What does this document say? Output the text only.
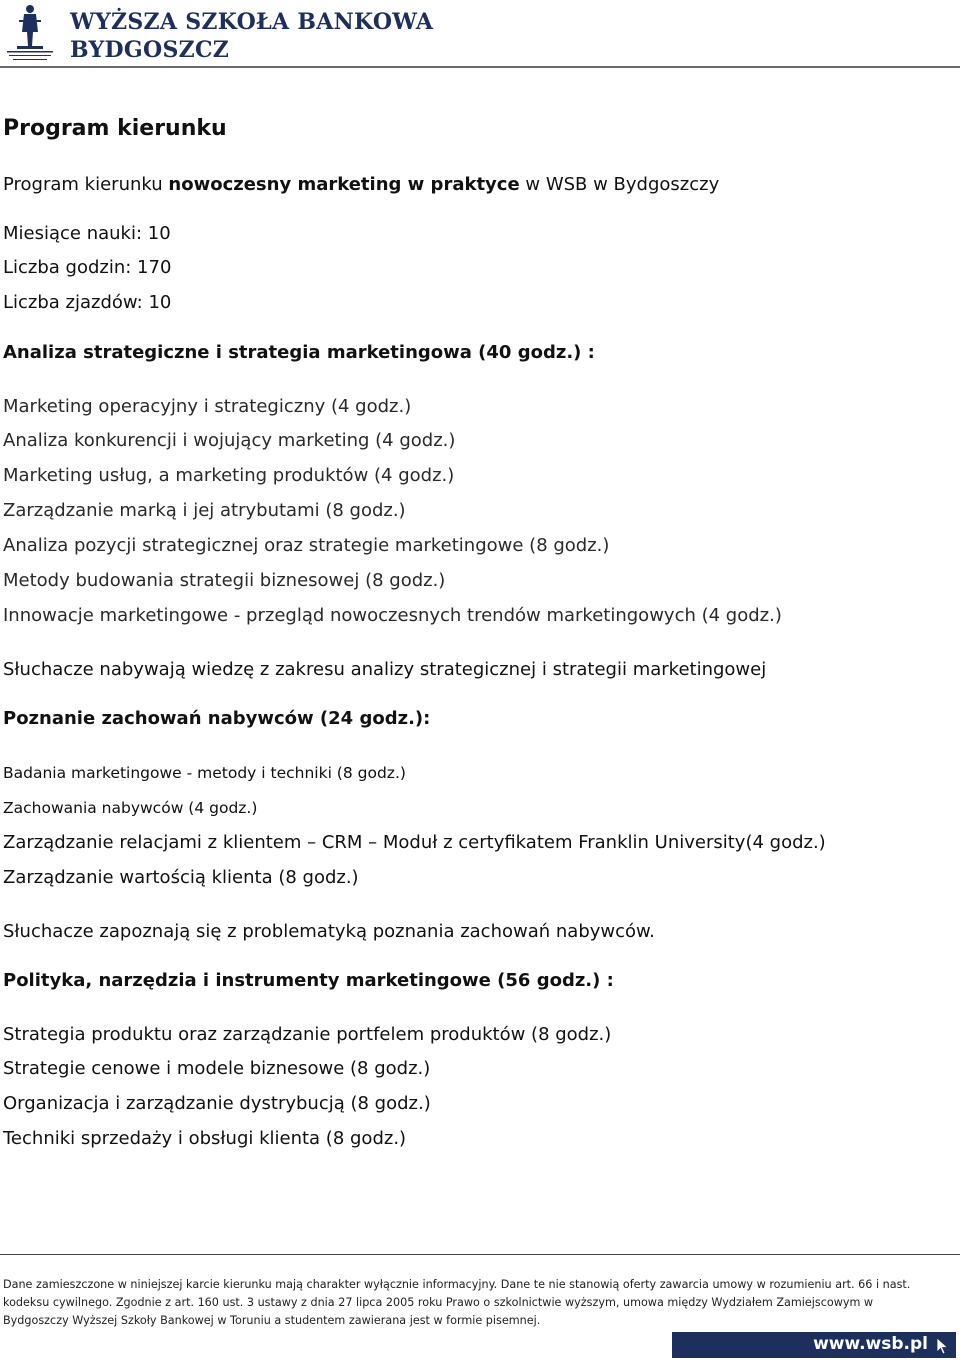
WYŻSZA SZKOŁA BANKOWA
BYDGOSZCZ
Program kierunku
Program kierunku nowoczesny marketing w praktyce w WSB w Bydgoszczy
Miesiące nauki: 10
Liczba godzin: 170
Liczba zjazdów: 10
Analiza strategiczne i strategia marketingowa (40 godz.) :
Marketing operacyjny i strategiczny (4 godz.)
Analiza konkurencji i wojujący marketing (4 godz.)
Marketing usług, a marketing produktów (4 godz.)
Zarządzanie marką i jej atrybutami (8 godz.)
Analiza pozycji strategicznej oraz strategie marketingowe (8 godz.)
Metody budowania strategii biznesowej (8 godz.)
Innowacje marketingowe - przegląd nowoczesnych trendów marketingowych (4 godz.)
Słuchacze nabywają wiedzę z zakresu analizy strategicznej i strategii marketingowej
Poznanie zachowań nabywców (24 godz.):
Badania marketingowe - metody i techniki (8 godz.)
Zachowania nabywców (4 godz.)
Zarządzanie relacjami z klientem – CRM – Moduł z certyfikatem Franklin University(4 godz.)
Zarządzanie wartością klienta (8 godz.)
Słuchacze zapoznają się z problematyką poznania zachowań nabywców.
Polityka, narzędzia i instrumenty marketingowe (56 godz.) :
Strategia produktu oraz zarządzanie portfelem produktów (8 godz.)
Strategie cenowe i modele biznesowe (8 godz.)
Organizacja i zarządzanie dystrybucją (8 godz.)
Techniki sprzedaży i obsługi klienta (8 godz.)
Dane zamieszczone w niniejszej karcie kierunku mają charakter wyłącznie informacyjny. Dane te nie stanowią oferty zawarcia umowy w rozumieniu art. 66 i nast.
kodeksu cywilnego. Zgodnie z art. 160 ust. 3 ustawy z dnia 27 lipca 2005 roku Prawo o szkolnictwie wyższym, umowa między Wydziałem Zamiejscowym w
Bydgoszczy Wyższej Szkoły Bankowej w Toruniu a studentem zawierana jest w formie pisemnej.
www.wsb.pl
